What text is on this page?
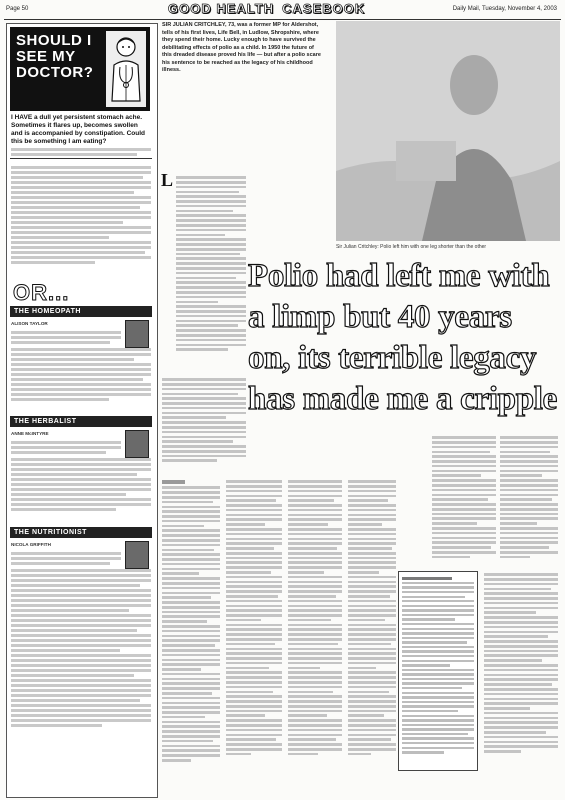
Page 50	Daily Mail, Tuesday, November 4, 2003
GOOD HEALTH CASEBOOK
SHOULD I SEE MY DOCTOR?
I HAVE a dull yet persistent stomach ache. Sometimes it flares up, becomes swollen and is accompanied by constipation. Could this be something I am eating?
OR...
THE HOMEOPATH
ALISON TAYLOR
THE HERBALIST
ANNE McINTYRE
THE NUTRITIONIST
NICOLA GRIFFITH
SIR JULIAN CRITCHLEY, 73, was a former MP for Aldershot, tells of his first lives, Life Bell, in Ludlow, Shropshire, where they spend their home. Lucky enough to have survived the debilitating effects of polio as a child. In 1950 the future of this dreaded disease proved his life — but after a polio scare his sentence to be reached as the legacy of his childhood illness.
Sir Julian Critchley: Polio left him with one leg shorter than the other
Polio had left me with a limp but 40 years on, its terrible legacy has made me a cripple
L
